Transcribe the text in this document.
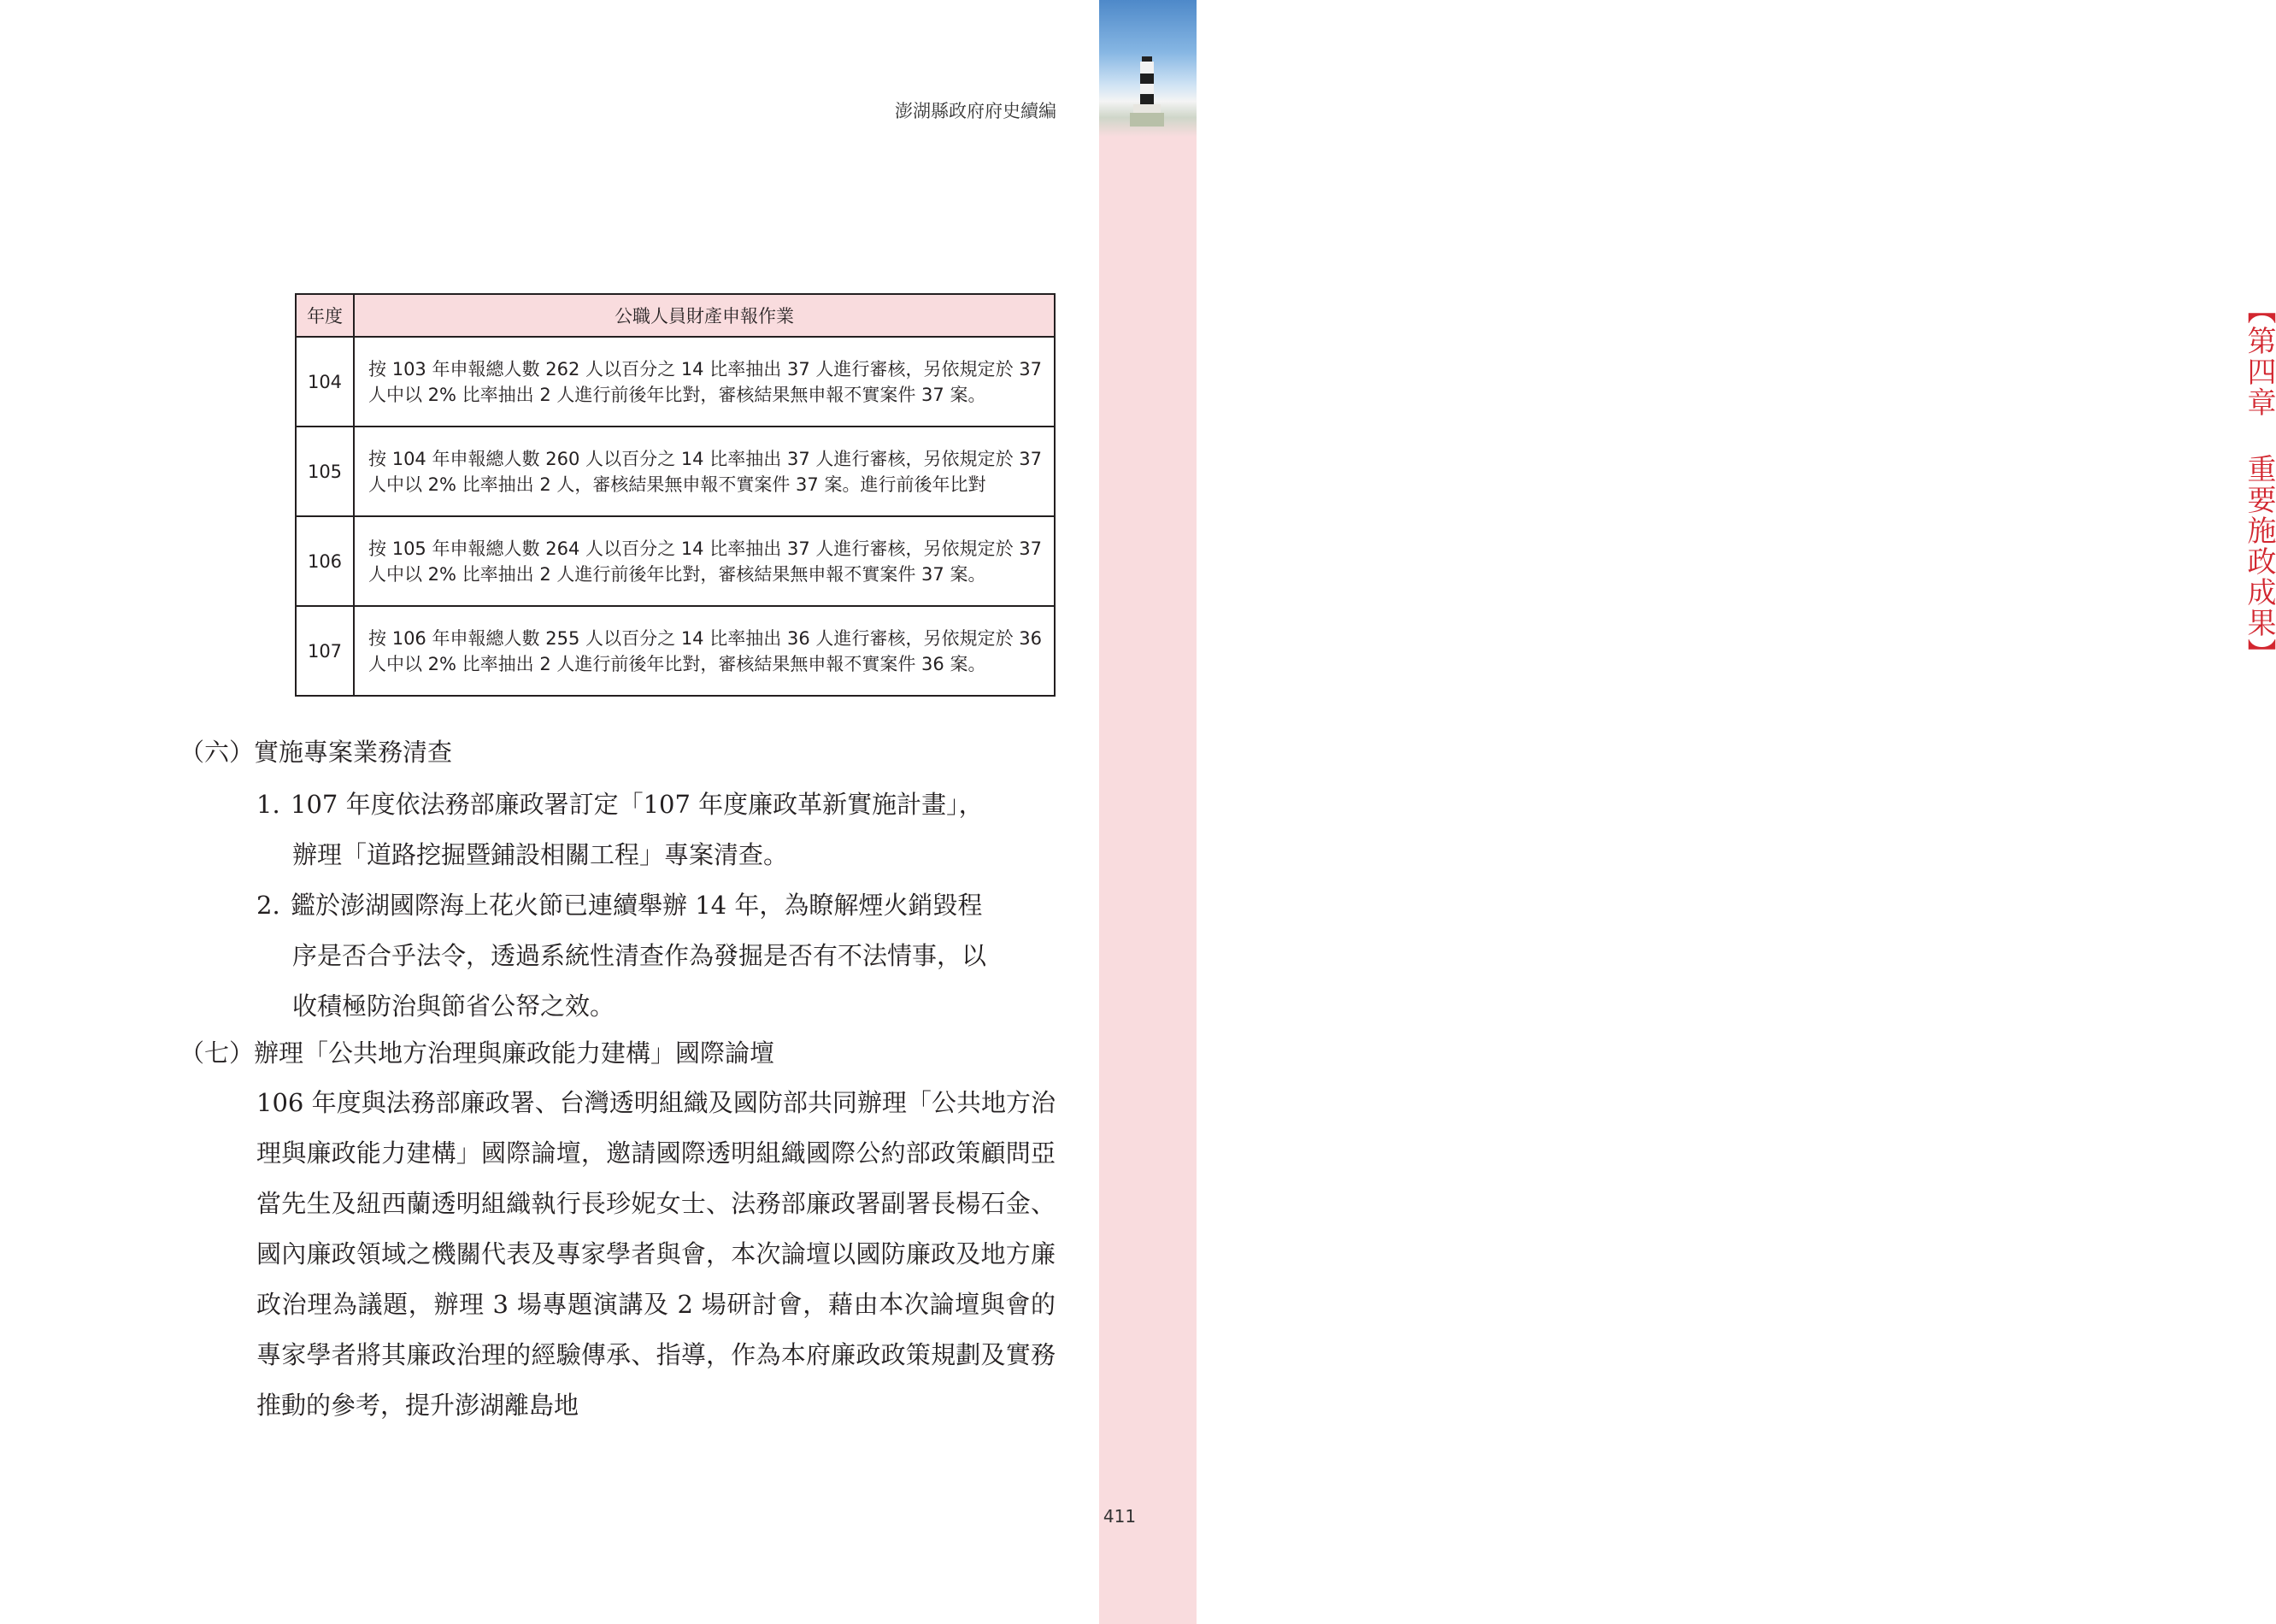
【第四章 重要施政成果】
澎湖縣政府府史續編
年度	公職人員財產申報作業
104	按 103 年申報總人數 262 人以百分之 14 比率抽出 37 人進行審核，另依規定於 37 人中以 2% 比率抽出 2 人進行前後年比對，審核結果無申報不實案件 37 案。
105	按 104 年申報總人數 260 人以百分之 14 比率抽出 37 人進行審核，另依規定於 37 人中以 2% 比率抽出 2 人，審核結果無申報不實案件 37 案。進行前後年比對
106	按 105 年申報總人數 264 人以百分之 14 比率抽出 37 人進行審核，另依規定於 37 人中以 2% 比率抽出 2 人進行前後年比對，審核結果無申報不實案件 37 案。
107	按 106 年申報總人數 255 人以百分之 14 比率抽出 36 人進行審核，另依規定於 36 人中以 2% 比率抽出 2 人進行前後年比對，審核結果無申報不實案件 36 案。
（六）實施專案業務清查
1. 107 年度依法務部廉政署訂定「107 年度廉政革新實施計畫」，
辦理「道路挖掘暨鋪設相關工程」專案清查。
2. 鑑於澎湖國際海上花火節已連續舉辦 14 年，為瞭解煙火銷毀程
序是否合乎法令，透過系統性清查作為發掘是否有不法情事，以
收積極防治與節省公帑之效。
（七）辦理「公共地方治理與廉政能力建構」國際論壇
106 年度與法務部廉政署、台灣透明組織及國防部共同辦理「公共地方治理與廉政能力建構」國際論壇，邀請國際透明組織國際公約部政策顧問亞當先生及紐西蘭透明組織執行長珍妮女士、法務部廉政署副署長楊石金、國內廉政領域之機關代表及專家學者與會，本次論壇以國防廉政及地方廉政治理為議題，辦理 3 場專題演講及 2 場研討會，藉由本次論壇與會的專家學者將其廉政治理的經驗傳承、指導，作為本府廉政政策規劃及實務推動的參考，提升澎湖離島地
411
